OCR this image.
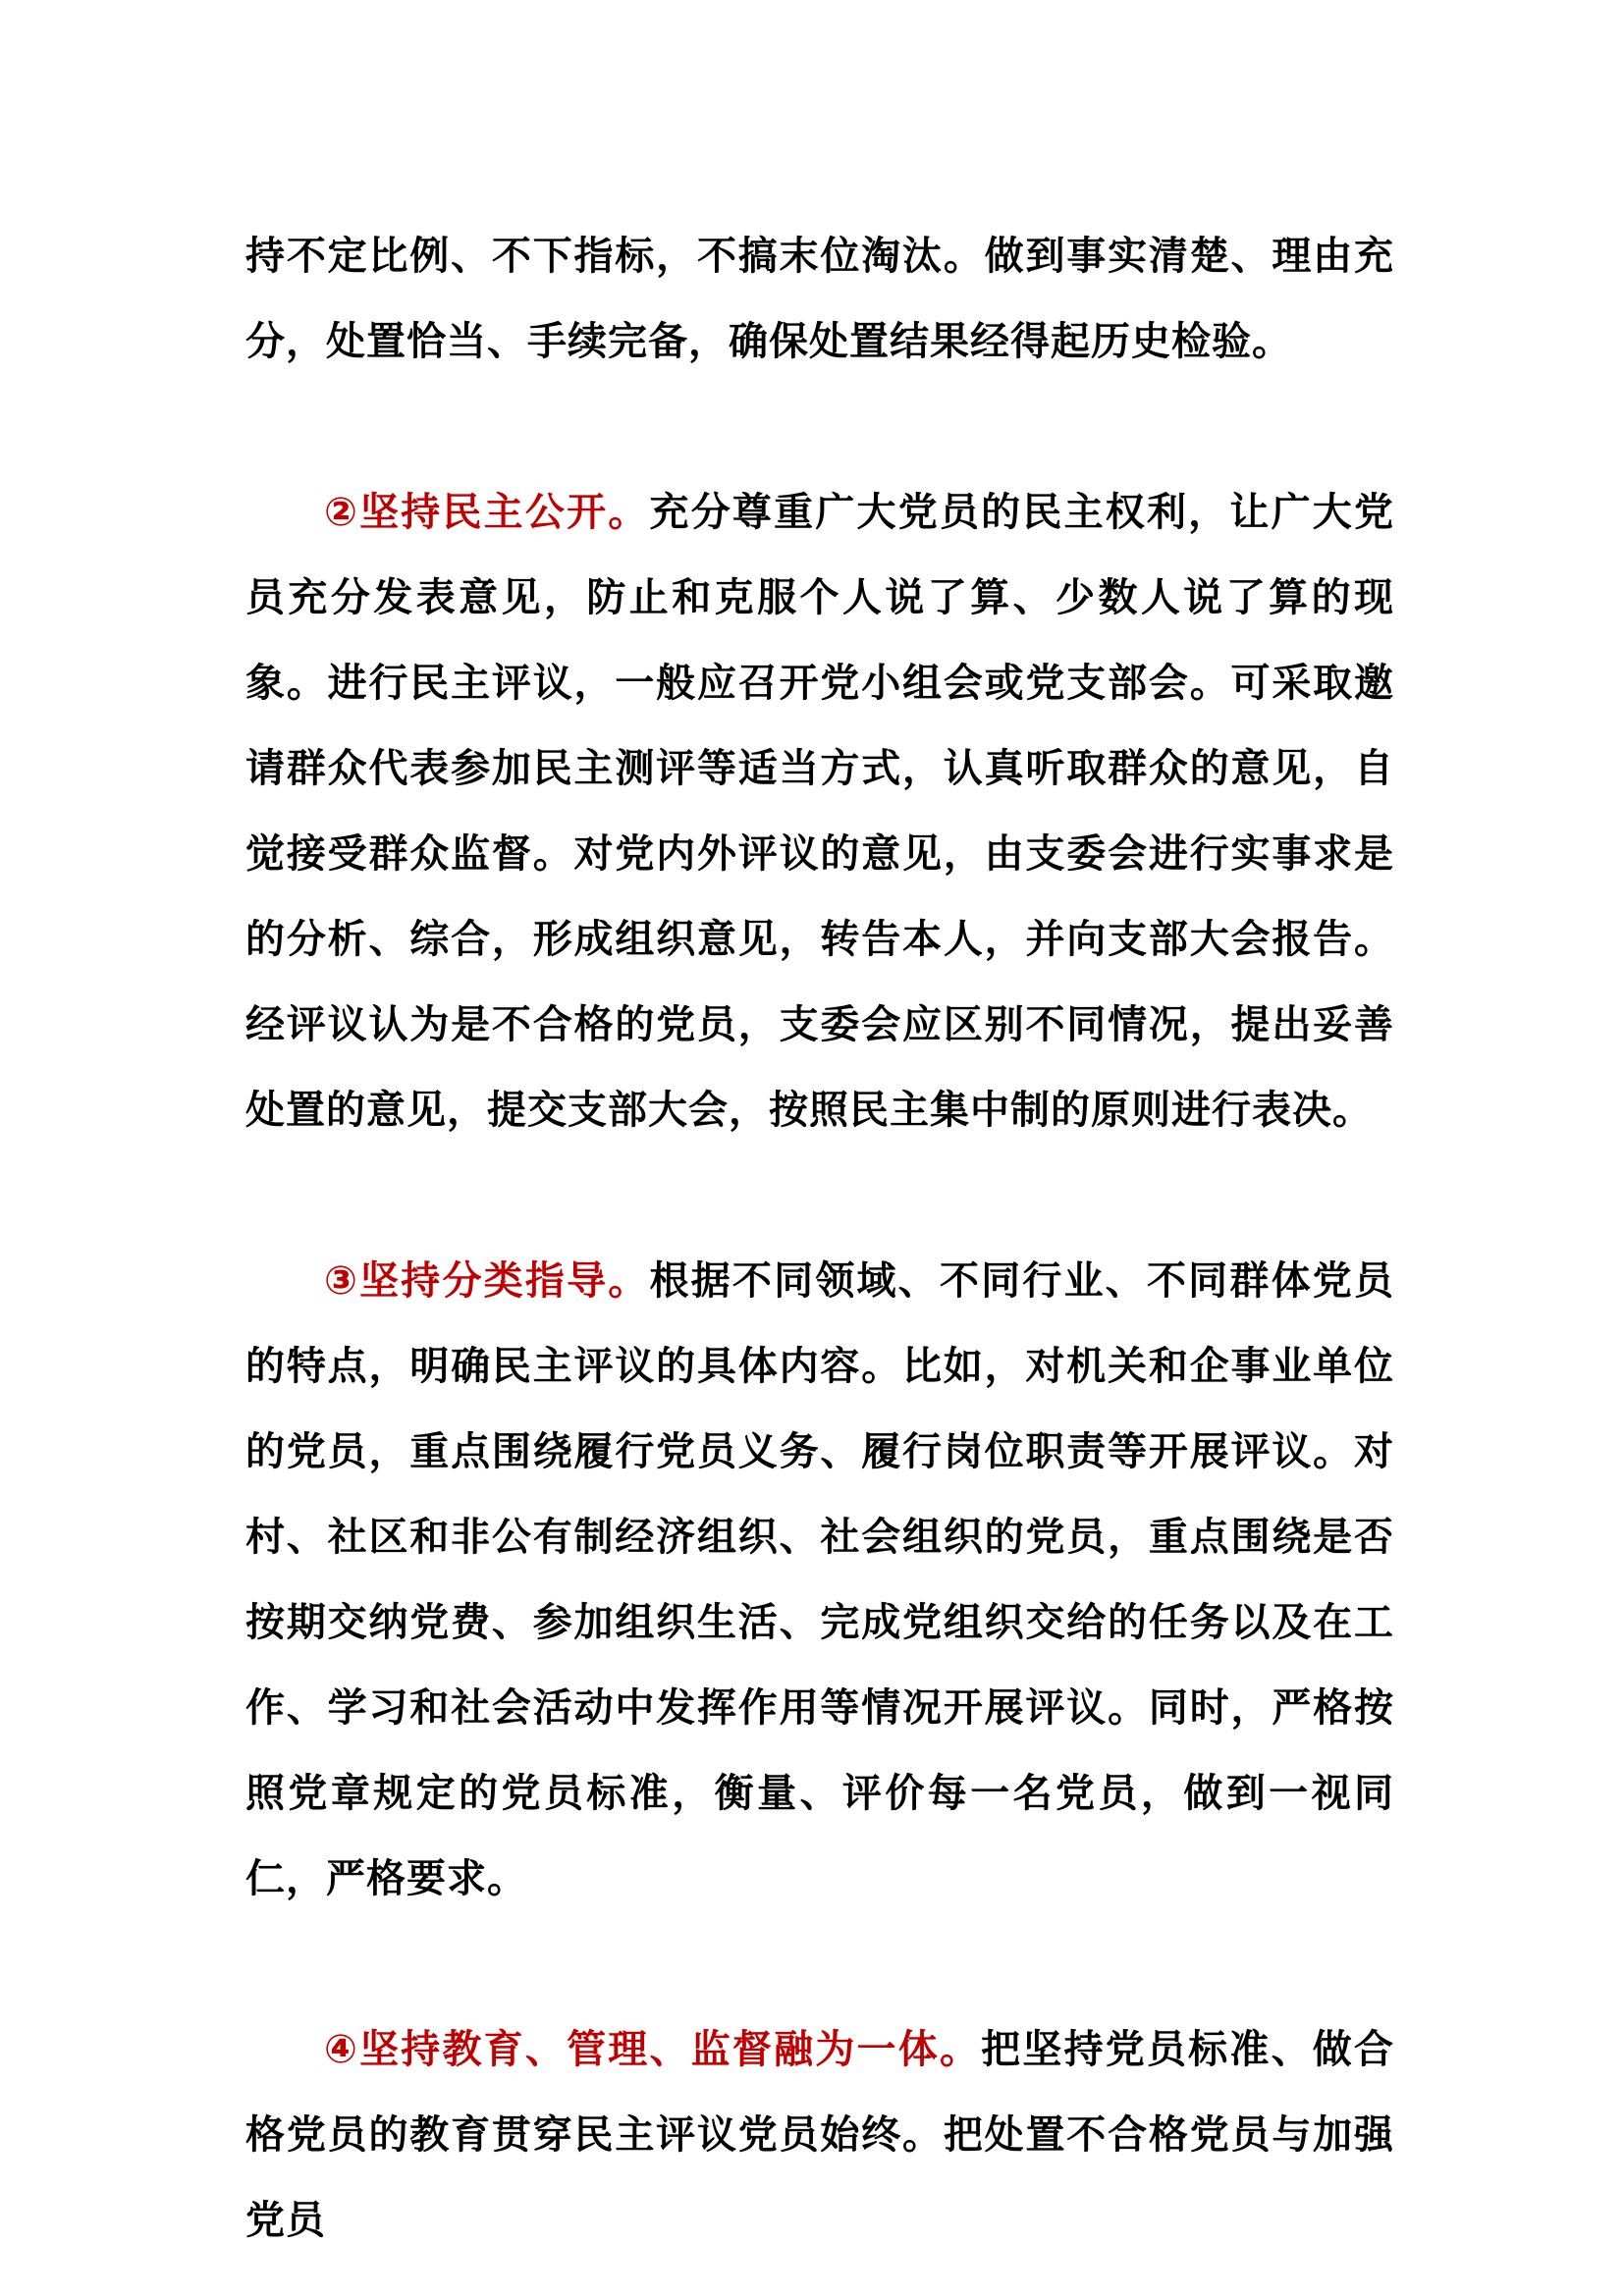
持不定比例、不下指标，不搞末位淘汰。做到事实清楚、理由充分，处置恰当、手续完备，确保处置结果经得起历史检验。

②坚持民主公开。充分尊重广大党员的民主权利，让广大党员充分发表意见，防止和克服个人说了算、少数人说了算的现象。进行民主评议，一般应召开党小组会或党支部会。可采取邀请群众代表参加民主测评等适当方式，认真听取群众的意见，自觉接受群众监督。对党内外评议的意见，由支委会进行实事求是的分析、综合，形成组织意见，转告本人，并向支部大会报告。经评议认为是不合格的党员，支委会应区别不同情况，提出妥善处置的意见，提交支部大会，按照民主集中制的原则进行表决。

③坚持分类指导。根据不同领域、不同行业、不同群体党员的特点，明确民主评议的具体内容。比如，对机关和企事业单位的党员，重点围绕履行党员义务、履行岗位职责等开展评议。对村、社区和非公有制经济组织、社会组织的党员，重点围绕是否按期交纳党费、参加组织生活、完成党组织交给的任务以及在工作、学习和社会活动中发挥作用等情况开展评议。同时，严格按照党章规定的党员标准，衡量、评价每一名党员，做到一视同仁，严格要求。

④坚持教育、管理、监督融为一体。把坚持党员标准、做合格党员的教育贯穿民主评议党员始终。把处置不合格党员与加强党员
